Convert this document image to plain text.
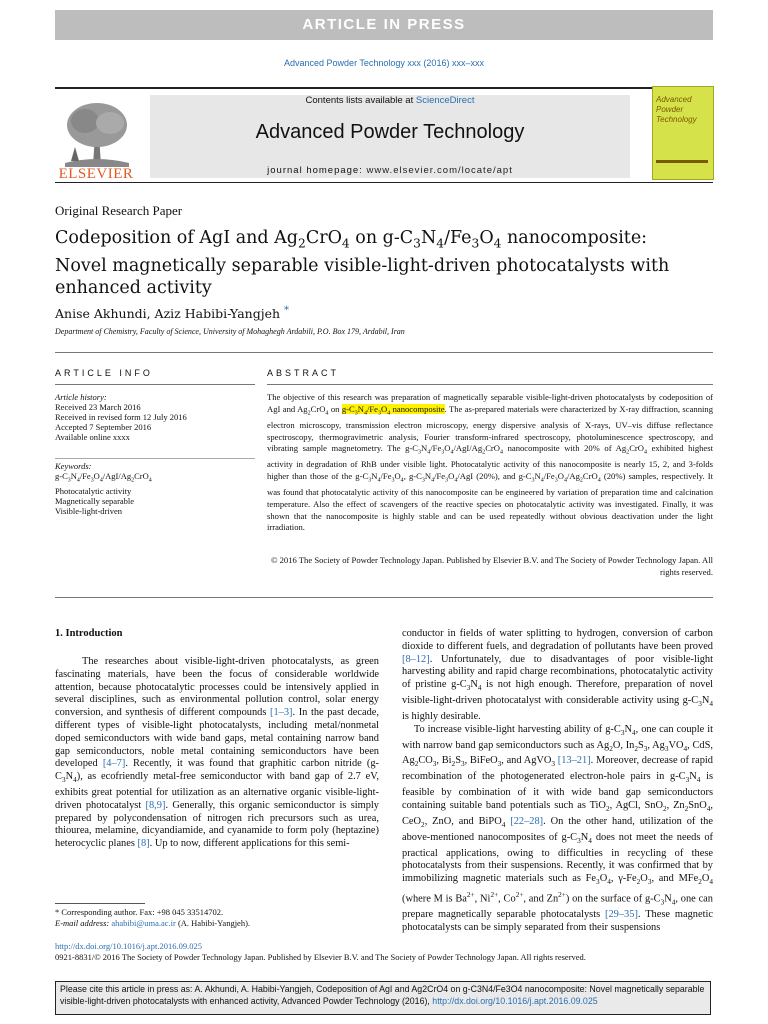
ARTICLE IN PRESS
Advanced Powder Technology xxx (2016) xxx–xxx
ELSEVIER
Contents lists available at ScienceDirect
Advanced Powder Technology
journal homepage: www.elsevier.com/locate/apt
Advanced Powder Technology
Original Research Paper
Codeposition of AgI and $Ag_2CrO_4$ on $g-C_3N_4/Fe_3O_4$ nanocomposite: Novel magnetically separable visible-light-driven photocatalysts with enhanced activity
Anise Akhundi, Aziz Habibi-Yangjeh *
Department of Chemistry, Faculty of Science, University of Mohaghegh Ardabili, P.O. Box 179, Ardabil, Iran
ARTICLE INFO	ABSTRACT
Article history:
Received 23 March 2016
Received in revised form 12 July 2016
Accepted 7 September 2016
Available online xxxx
Keywords:
$g-C_3N_4/Fe_3O_4/AgI/Ag_2CrO_4$
Photocatalytic activity
Magnetically separable
Visible-light-driven
The objective of this research was preparation of magnetically separable visible-light-driven photocatalysts by codeposition of AgI and $Ag_2CrO_4$ on $g-C_3N_4/Fe_3O_4$ nanocomposite. The as-prepared materials were characterized by X-ray diffraction, scanning electron microscopy, transmission electron microscopy, energy dispersive analysis of X-rays, UV–vis diffuse reflectance spectroscopy, thermogravimetric analysis, Fourier transform-infrared spectroscopy, photoluminescence spectroscopy, and vibrating sample magnetometry. The $g-C_3N_4/Fe_3O_4/AgI/Ag_2CrO_4$ nanocomposite with 20% of $Ag_2CrO_4$ exhibited highest activity in degradation of RhB under visible light. Photocatalytic activity of this nanocomposite is nearly 15, 2, and 3-folds higher than those of the $g-C_3N_4/Fe_3O_4$, $g-C_3N_4/Fe_3O_4$/AgI (20%), and $g-C_3N_4/Fe_3O_4/Ag_2CrO_4$ (20%) samples, respectively. It was found that photocatalytic activity of this nanocomposite can be engineered by variation of preparation time and calcination temperature. Also the effect of scavengers of the reactive species on photocatalytic activity was investigated. Finally, it was shown that the nanocomposite is highly stable and can be used repeatedly without obvious deactivation under the light irradiation.
© 2016 The Society of Powder Technology Japan. Published by Elsevier B.V. and The Society of Powder Technology Japan. All rights reserved.
1. Introduction
The researches about visible-light-driven photocatalysts, as green fascinating materials, have been the focus of considerable worldwide attention, because photocatalytic processes could be intensively applied in several disciplines, such as environmental pollution control, solar energy conversion, and synthesis of different compounds [1–3]. In the past decade, different types of visible-light photocatalysts, including metal/nonmetal doped semiconductors with wide band gaps, metal containing narrow band gap semiconductors, noble metal containing semiconductors have been developed [4–7]. Recently, it was found that graphitic carbon nitride $(g-C_3N_4)$, as ecofriendly metal-free semiconductor with band gap of 2.7 eV, exhibits great potential for utilization as an alternative organic visible-light-driven photocatalyst [8,9]. Generally, this organic semiconductor is simply prepared by polycondensation of nitrogen rich precursors such as urea, thiourea, melamine, dicyandiamide, and cyanamide to form poly (heptazine) heterocyclic planes [8]. Up to now, different applications for this semi-
conductor in fields of water splitting to hydrogen, conversion of carbon dioxide to different fuels, and degradation of pollutants have been proved [8–12]. Unfortunately, due to disadvantages of poor visible-light harvesting ability and rapid charge recombinations, photocatalytic activity of pristine $g-C_3N_4$ is not high enough. Therefore, preparation of novel visible-light-driven photocatalyst with considerable activity using $g-C_3N_4$ is highly desirable.
To increase visible-light harvesting ability of $g-C_3N_4$, one can couple it with narrow band gap semiconductors such as $Ag_2O$, $In_2S_3$, $Ag_3VO_4$, CdS, $Ag_2CO_3$, $Bi_2S_3$, BiFeO$_3$, and AgVO$_3$ [13–21]. Moreover, decrease of rapid recombination of the photogenerated electron-hole pairs in $g-C_3N_4$ is feasible by combination of it with wide band gap semiconductors containing suitable band potentials such as TiO$_2$, AgCl, SnO$_2$, $Zn_2SnO_4$, CeO$_2$, ZnO, and BiPO$_4$ [22–28]. On the other hand, utilization of the above-mentioned nanocomposites of $g-C_3N_4$ does not meet the needs of practical applications, owing to difficulties in recycling of these photocatalysts from their suspensions. Recently, it was confirmed that by immobilizing magnetic materials such as $Fe_3O_4$, $\gamma-Fe_2O_3$, and $MFe_2O_4$ (where M is $Ba^{2+}$, $Ni^{2+}$, $Co^{2+}$, and $Zn^{2+}$) on the surface of $g-C_3N_4$, one can prepare magnetically separable photocatalysts [29–35]. These magnetic photocatalysts can be simply separated from their suspensions
* Corresponding author. Fax: +98 045 33514702.
E-mail address: ahabibi@uma.ac.ir (A. Habibi-Yangjeh).
http://dx.doi.org/10.1016/j.apt.2016.09.025
0921-8831/© 2016 The Society of Powder Technology Japan. Published by Elsevier B.V. and The Society of Powder Technology Japan. All rights reserved.
Please cite this article in press as: A. Akhundi, A. Habibi-Yangjeh, Codeposition of AgI and Ag2CrO4 on g-C3N4/Fe3O4 nanocomposite: Novel magnetically separable visible-light-driven photocatalysts with enhanced activity, Advanced Powder Technology (2016), http://dx.doi.org/10.1016/j.apt.2016.09.025
